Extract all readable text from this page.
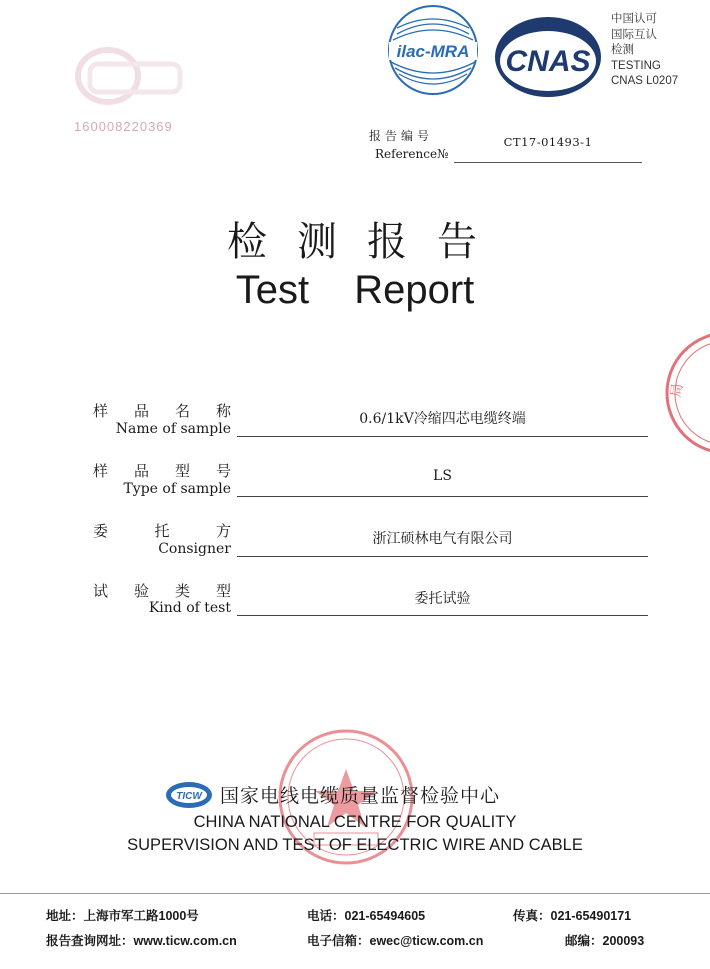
160008220369
ilac-MRA CNAS
中国认可
国际互认
检测
TESTING
CNAS L0207
报告编号
Reference№
CT17-01493-1
检测报告
Test Report
样 品 名 称
Name of sample
0.6/1kV冷缩四芯电缆终端
样 品 型 号
Type of sample
LS
委	托	方
Consigner
浙江硕林电气有限公司
试 验 类 型
Kind of test
委托试验
局
TICW 国家电线电缆质量监督检验中心
CHINA NATIONAL CENTRE FOR QUALITY
SUPERVISION AND TEST OF ELECTRIC WIRE AND CABLE
地址：上海市军工路1000号	电话：021-65494605	传真：021-65490171
报告查询网址：www.ticw.com.cn	电子信箱：ewec@ticw.com.cn	邮编：200093
